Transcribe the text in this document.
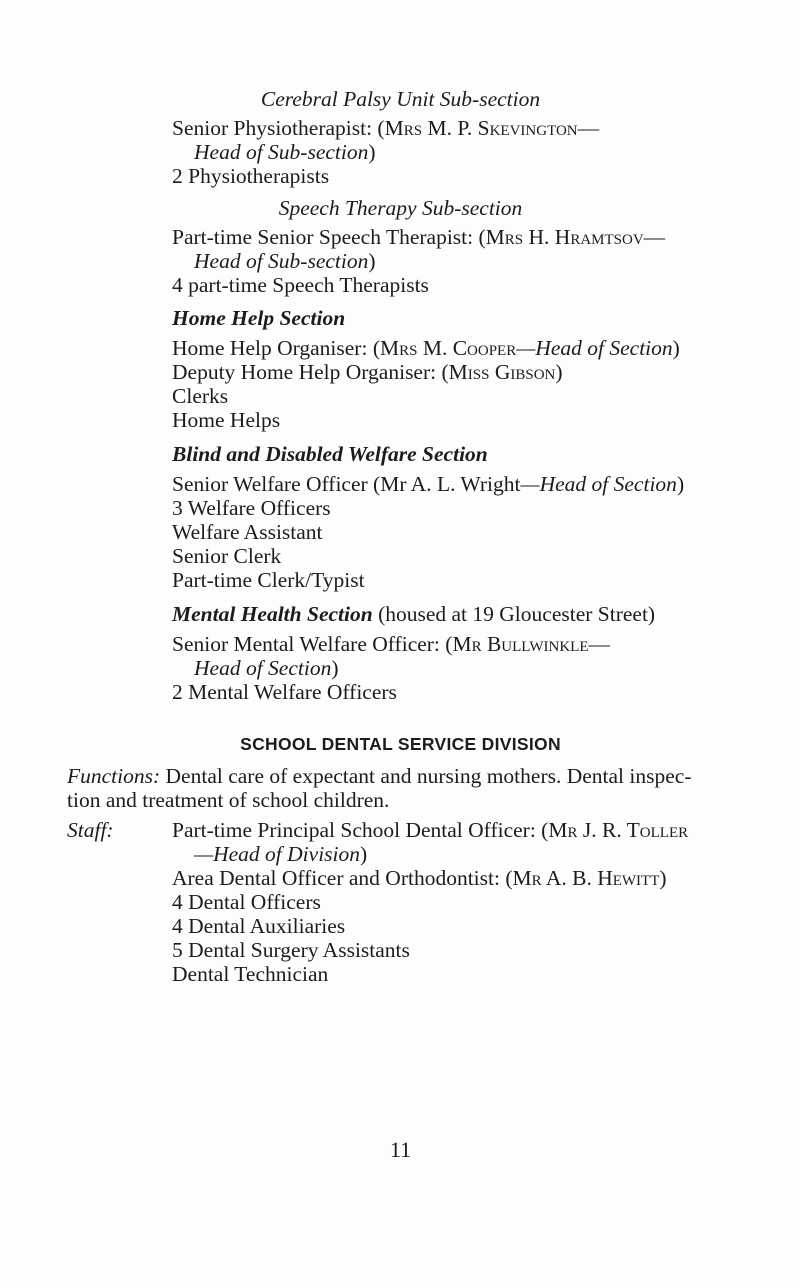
Cerebral Palsy Unit Sub-section
Senior Physiotherapist: (Mrs M. P. Skevington—
Head of Sub-section)
2 Physiotherapists
Speech Therapy Sub-section
Part-time Senior Speech Therapist: (Mrs H. Hramtsov—
Head of Sub-section)
4 part-time Speech Therapists
Home Help Section
Home Help Organiser: (Mrs M. Cooper—Head of Section)
Deputy Home Help Organiser: (Miss Gibson)
Clerks
Home Helps
Blind and Disabled Welfare Section
Senior Welfare Officer (Mr A. L. Wright—Head of Section)
3 Welfare Officers
Welfare Assistant
Senior Clerk
Part-time Clerk/Typist
Mental Health Section (housed at 19 Gloucester Street)
Senior Mental Welfare Officer: (Mr Bullwinkle—
Head of Section)
2 Mental Welfare Officers
SCHOOL DENTAL SERVICE DIVISION
Functions: Dental care of expectant and nursing mothers. Dental inspec-
tion and treatment of school children.
Staff:	Part-time Principal School Dental Officer: (Mr J. R. Toller
—Head of Division)
Area Dental Officer and Orthodontist: (Mr A. B. Hewitt)
4 Dental Officers
4 Dental Auxiliaries
5 Dental Surgery Assistants
Dental Technician
11
